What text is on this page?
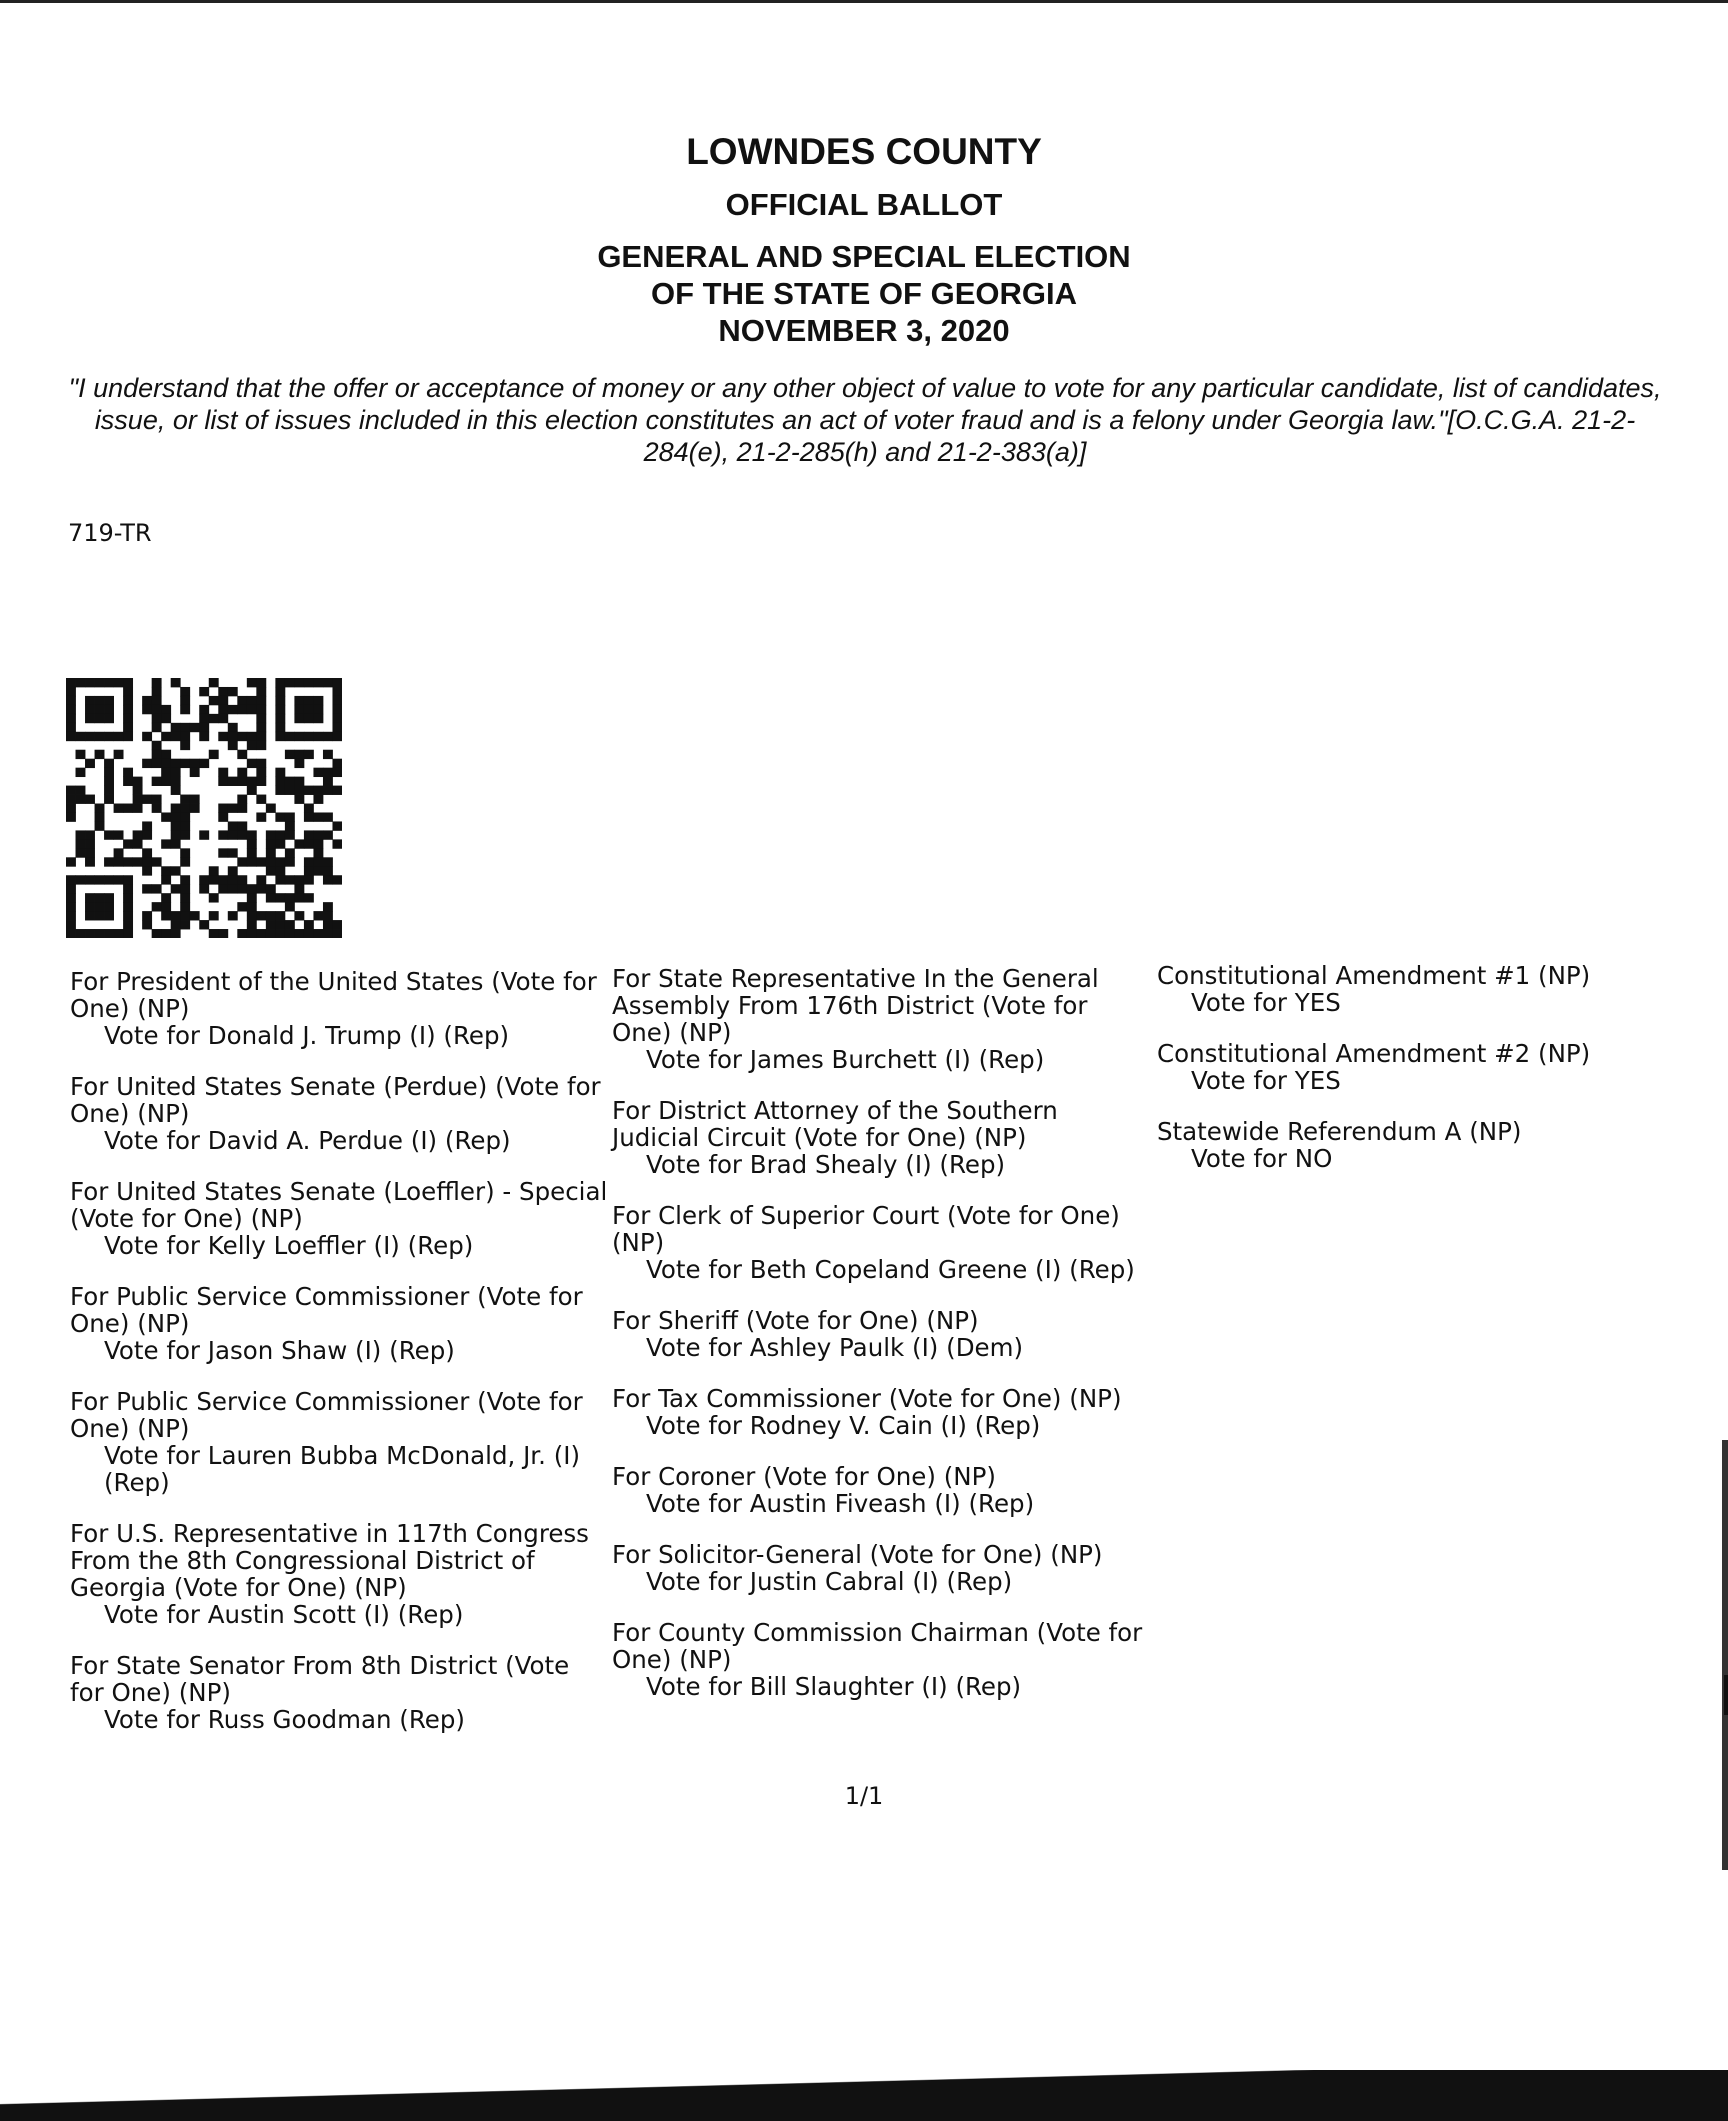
LOWNDES COUNTY
OFFICIAL BALLOT
GENERAL AND SPECIAL ELECTION
OF THE STATE OF GEORGIA
NOVEMBER 3, 2020
"I understand that the offer or acceptance of money or any other object of value to vote for any particular candidate, list of candidates, issue, or list of issues included in this election constitutes an act of voter fraud and is a felony under Georgia law."[O.C.G.A. 21-2-284(e), 21-2-285(h) and 21-2-383(a)]
719-TR
For President of the United States (Vote for One) (NP)
Vote for Donald J. Trump (I) (Rep)
For United States Senate (Perdue) (Vote for One) (NP)
Vote for David A. Perdue (I) (Rep)
For United States Senate (Loeffler) - Special (Vote for One) (NP)
Vote for Kelly Loeffler (I) (Rep)
For Public Service Commissioner (Vote for One) (NP)
Vote for Jason Shaw (I) (Rep)
For Public Service Commissioner (Vote for One) (NP)
Vote for Lauren Bubba McDonald, Jr. (I) (Rep)
For U.S. Representative in 117th Congress From the 8th Congressional District of Georgia (Vote for One) (NP)
Vote for Austin Scott (I) (Rep)
For State Senator From 8th District (Vote for One) (NP)
Vote for Russ Goodman (Rep)
For State Representative In the General Assembly From 176th District (Vote for One) (NP)
Vote for James Burchett (I) (Rep)
For District Attorney of the Southern Judicial Circuit (Vote for One) (NP)
Vote for Brad Shealy (I) (Rep)
For Clerk of Superior Court (Vote for One) (NP)
Vote for Beth Copeland Greene (I) (Rep)
For Sheriff (Vote for One) (NP)
Vote for Ashley Paulk (I) (Dem)
For Tax Commissioner (Vote for One) (NP)
Vote for Rodney V. Cain (I) (Rep)
For Coroner (Vote for One) (NP)
Vote for Austin Fiveash (I) (Rep)
For Solicitor-General (Vote for One) (NP)
Vote for Justin Cabral (I) (Rep)
For County Commission Chairman (Vote for One) (NP)
Vote for Bill Slaughter (I) (Rep)
Constitutional Amendment #1 (NP)
Vote for YES
Constitutional Amendment #2 (NP)
Vote for YES
Statewide Referendum A (NP)
Vote for NO
1/1
